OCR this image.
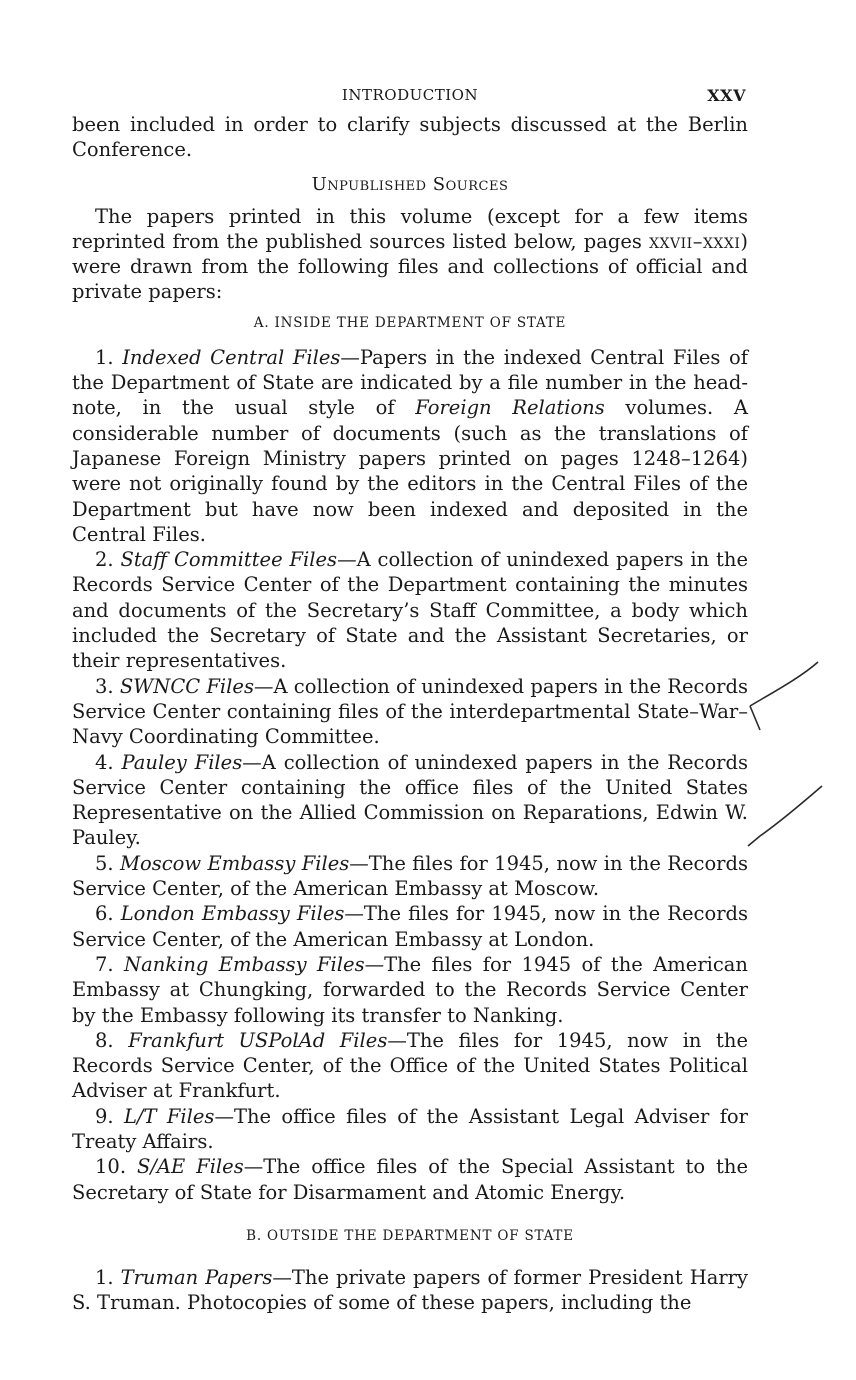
INTRODUCTION	XXV

been included in order to clarify subjects discussed at the Berlin Conference.

Unpublished Sources

The papers printed in this volume (except for a few items reprinted from the published sources listed below, pages xxvii–xxxi) were drawn from the following files and collections of official and private papers:

A. INSIDE THE DEPARTMENT OF STATE

1. Indexed Central Files—Papers in the indexed Central Files of the Department of State are indicated by a file number in the head-note, in the usual style of Foreign Relations volumes. A considerable number of documents (such as the translations of Japanese Foreign Ministry papers printed on pages 1248–1264) were not originally found by the editors in the Central Files of the Department but have now been indexed and deposited in the Central Files.

2. Staff Committee Files—A collection of unindexed papers in the Records Service Center of the Department containing the minutes and documents of the Secretary’s Staff Committee, a body which included the Secretary of State and the Assistant Secretaries, or their representatives.

3. SWNCC Files—A collection of unindexed papers in the Records Service Center containing files of the interdepartmental State–War–Navy Coordinating Committee.

4. Pauley Files—A collection of unindexed papers in the Records Service Center containing the office files of the United States Representative on the Allied Commission on Reparations, Edwin W. Pauley.

5. Moscow Embassy Files—The files for 1945, now in the Records Service Center, of the American Embassy at Moscow.

6. London Embassy Files—The files for 1945, now in the Records Service Center, of the American Embassy at London.

7. Nanking Embassy Files—The files for 1945 of the American Embassy at Chungking, forwarded to the Records Service Center by the Embassy following its transfer to Nanking.

8. Frankfurt USPolAd Files—The files for 1945, now in the Records Service Center, of the Office of the United States Political Adviser at Frankfurt.

9. L/T Files—The office files of the Assistant Legal Adviser for Treaty Affairs.

10. S/AE Files—The office files of the Special Assistant to the Secretary of State for Disarmament and Atomic Energy.

B. OUTSIDE THE DEPARTMENT OF STATE

1. Truman Papers—The private papers of former President Harry S. Truman. Photocopies of some of these papers, including the
